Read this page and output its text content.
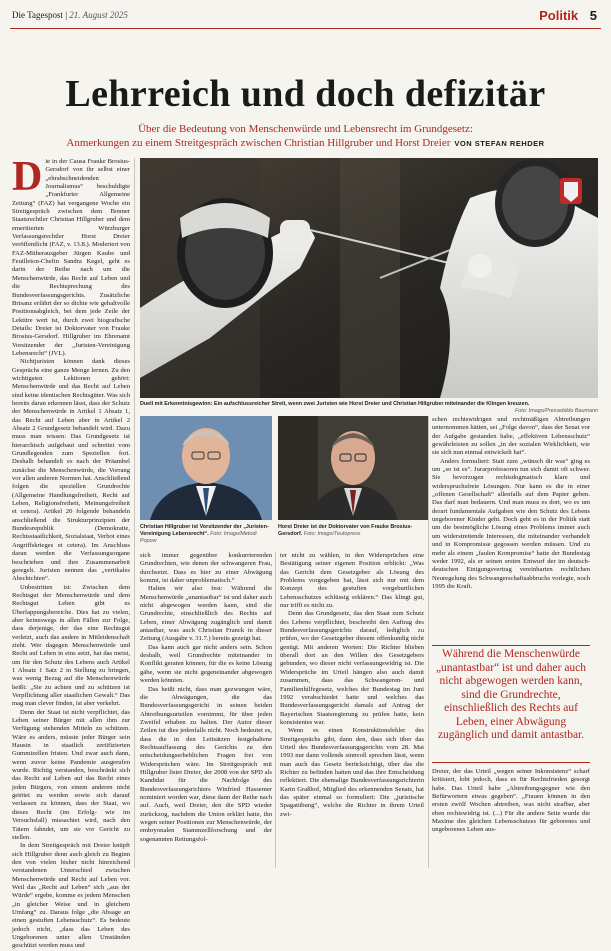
Die Tagespost | 21. August 2025	Politik 5
Lehrreich und doch defizitär
Über die Bedeutung von Menschenwürde und Lebensrecht im Grundgesetz:
Anmerkungen zu einem Streitgespräch zwischen Christian Hillgruber und Horst Dreier VON STEFAN REHDER

Die in der Causa Frauke Brosius-Gersdorf von ihr selbst einer „ehrabschneidenden Journalismus“ beschuldigte „Frankfurter Allgemeine Zeitung“ (FAZ) hat vergangene Woche ein Streitgespräch zwischen dem Bonner Staatsrechtler Christian Hillgruber und dem emeritierten Würzburger Verfassungsrechtler Horst Dreier veröffentlicht (FAZ, v. 13.8.). Moderiert von FAZ-Mitherausgeber Jürgen Kaube und Feuilleton-Chefin Sandra Kegel, geht es darin der Reihe nach um die Menschenwürde, das Recht auf Leben und die Rechtsprechung des Bundesverfassungsgerichts. Zusätzliche Brisanz erfährt der so dichte wie gehaltvolle Positionsabgleich, bei dem jede Zeile der Lektüre wert ist, durch zwei biografische Details: Dreier ist Doktorvater von Frauke Brosius-Gersdorf. Hillgruber im Ehrenamt Vorsitzender der „Juristen-Vereinigung Lebensrecht“ (JVL).

Nichtjuristen können dank dieses Gesprächs eine ganze Menge lernen. Zu den wichtigsten Lektionen gehört: Menschenwürde und das Recht auf Leben sind keine identischen Rechtsgüter. Was sich bereits daran erkennen lässt, dass der Schutz der Menschenwürde in Artikel 1 Absatz 1, das Recht auf Leben aber in Artikel 2 Absatz 2 Grundgesetz behandelt wird. Dazu muss man wissen: Das Grundgesetz ist hierarchisch aufgebaut und schreitet vom Grundlegenden zum Speziellen fort. Deshalb behandelt es nach der Präambel zunächst die Menschenwürde, die Vorrang vor allen anderen Normen hat. Anschließend folgen die speziellen Grundrechte (Allgemeine Handlungsfreiheit, Recht auf Leben, Religionsfreiheit, Meinungsfreiheit et cetera). Artikel 20 folgende behandeln anschließend die Strukturprinzipien der Bundesrepublik (Demokratie, Rechtsstaatlichkeit, Sozialstaat, Verbot eines Angriffskrieges et cetera). Im Anschluss daran werden die Verfassungsorgane beschrieben und ihre Zusammenarbeit geregelt. Juristen nennen das „vertikales Abschichten“.

Unbestritten ist: Zwischen dem Rechtsgut der Menschenwürde und dem Rechtsgut Leben gibt es Überlappungsbereiche. Dies hat zu vielen, aber keineswegs in allen Fällen zur Folge, dass derjenige, der das eine Rechtsgut verletzt, auch das andere in Mitleidenschaft zieht. Wer dagegen Menschenwürde und Recht auf Leben in eins setzt, hat das meist, um für den Schutz des Lebens auch Artikel 1 Absatz 1 Satz 2 in Stellung zu bringen, was wenig Bezug auf die Menschenwürde heißt: „Sie zu achten und zu schützen ist Verpflichtung aller staatlichen Gewalt.“ Das mag man clever finden, ist aber verkehrt.

Denn der Staat ist nicht verpflichtet, das Leben seiner Bürger mit allen ihm zur Verfügung stehenden Mitteln zu schützen. Wäre es anders, müsste jeder Bürger sein Hausin in staatlich zertifizierten Gummizellen fristen. Und zwar auch dann, wenn zuvor keine Pandemie ausgerufen wurde. Richtig verstanden, beschränkt sich das Recht auf Leben auf das Recht eines jeden Bürgers, von einem anderen nicht getötet zu werden sowie sich darauf verlassen zu können, dass der Staat, wo dieses Recht (im Erfolg- wie im Versuchsfall) missachtet wird, nach den Tätern fahndet, um sie vor Gericht zu stellen.

In dem Streitgespräch mit Dreier knüpft sich Hillgruber denn auch gleich zu Beginn den von vielen bisher nicht hinreichend verstandenen Unterschied zwischen Menschenwürde und Recht auf Leben vor. Weil das „Recht auf Leben“ sich „aus der Würde“ ergebe, komme es jedem Menschen „in gleicher Weise und in gleichem Umfang“ zu. Daraus folge „die Absage an einen gestuften Lebensschutz“. Es bedeute jedoch nicht, „dass das Leben des Ungeborenen unter allen Umständen geschützt werden muss und

Duell mit Erkenntnisgewinn: Ein aufschlussreicher Streit, wenn zwei Juristen wie Horst Dreier und Christian Hillgruber miteinander die Klingen kreuzen.
Foto: Imago/Pressebildo Baumann
Christian Hillgruber ist Vorsitzender der „Juristen-Vereinigung Lebensrecht“. Foto: Imago/Metodi Popow
Horst Dreier ist der Doktorvater von Frauke Brosius-Gersdorf. Foto: Imago/Teutopress

sich immer gegenüber konkurrierenden Grundrechten, wie denen der schwangeren Frau, durchsetzt. Dass es hier zu einer Abwägung kommt, ist daher unproblematisch.“

Halten wir also fest: Während die Menschenwürde „unantastbar“ ist und daher auch nicht abgewogen werden kann, sind die Grundrechte, einschließlich des Rechts auf Leben, einer Abwägung zugänglich und damit antastbar, was auch Christian Franck in dieser Zeitung (Ausgabe v. 31.7.) bereits gezeigt hat.

Das kann auch gar nicht anders sein. Schon deshalb, weil Grundrechte miteinander in Konflikt geraten können, für die es keine Lösung gäbe, wenn sie nicht gegeneinander abgewogen werden könnten.

Das heißt nicht, dass man gezwungen wäre, die Abwägungen, die das Bundesverfassungsgericht in seinen beiden Abtreibungsurteilen vornimmt, für über jeden Zweifel erhaben zu halten. Der Autor dieser Zeilen tut dies jedenfalls nicht. Noch bedeutet es, dass die in den Leitsätzen festgehaltene Rechtsauffassung des Gerichts zu den entscheidungserheblichen Fragen frei von Widersprüchen wäre. Im Streitgespräch mit Hillgruber listet Dreier, der 2008 von der SPD als Kandidat für die Nachfolge des Bundesverfassungsrichters Winfried Hassemer nominiert worden war, diese dann der Reihe nach auf. Auch, weil Dreier, den die SPD wieder zurückzog, nachdem die Union erklärt hatte, ihn wegen seiner Positionen zur Menschenwürde, der embryonalen Stammzellforschung und der sogenannten Rettungsfol-

ter nicht zu wählen, in den Widersprüchen eine Bestätigung seiner eigenen Position erblickt: „Was das Gericht dem Gesetzgeber als Lösung des Problems vorgegeben hat, lässt sich nur mit dem Konzept des gestuften vorgeburtlichen Lebensschutzes schlüssig erklären.“ Das klingt gut, nur trifft es nicht zu.

Denn das Grundgesetz, das den Staat zum Schutz des Lebens verpflichtet, beschreibt den Auftrag des Bundesverfassungsgerichts darauf, lediglich zu prüfen, wo der Gesetzgeber diesem offenkundig nicht genügt. Mit anderen Worten: Die Richter blieben überall dort an den Willen des Gesetzgebers gebunden, wo dieser nicht verfassungswidrig ist. Die Widersprüche im Urteil hängen also auch damit zusammen, dass das Schwangeren- und Familienhilfegesetz, welches der Bundestag im Juni 1992 verabschiedet hatte und welches das Bundesverfassungsgericht damals auf Antrag der Bayerischen Staatsregierung zu prüfen hatte, kein konsistentes war.

Wenn es einen Konstruktionsfehler des Streitgesprächs gibt, dann den, dass sich über das Urteil des Bundesverfassungsgerichts vom 28. Mai 1993 nur dann vollends sinnvoll sprechen lässt, wenn man auch das Gesetz berücksichtigt, über das die Richter zu befinden hatten und das ihre Entscheidung reflektiert. Die ehemalige Bundesverfassungsrichterin Karin Graßhof, Mitglied des erkennenden Senats, hat das später einmal so formuliert: Die „juristische Spagatübung“, welche die Richter in ihrem Urteil zwi-

schen rechtswidrigen und rechtmäßigen Abtreibungen unternommen hätten, sei „Folge davon“, dass der Senat vor der Aufgabe gestanden habe, „effektiven Lebensschutz“ gewährleisten zu sollen „in der sozialen Wirklichkeit, wie sie sich nun einmal entwickelt hat“.

Anders formuliert: Statt zum „wünsch dir was“ ging es um „so ist es“. Jurarprofessoren tun sich damit oft schwer. Sie bevorzugen rechtsdogmatisch klare und widerspruchsfreie Lösungen. Nur kann es die in einer „offenen Gesellschaft“ allenfalls auf dem Papier geben. Das darf man bedauern. Und man muss es dort, wo es um derart fundamentale Aufgaben wie den Schutz des Lebens ungeborener Kinder geht. Doch geht es in der Politik statt um die bestmögliche Lösung eines Problems immer auch um widerstreitende Interessen, die miteinander verhandelt und in Kompromisse gegossen werden müssen. Und zu mehr als einem „faulen Kompromiss“ hatte der Bundestag weder 1992, als er seinen ersten Entwurf der im deutsch-deutschen Einigungsvertrag vereinbarten rechtlichen Neuregelung des Schwangerschaftsabbruchs vorlegte, noch 1995 die Kraft.

Während die Menschenwürde „unantastbar“ ist und daher auch nicht abgewogen werden kann, sind die Grundrechte, einschließlich des Rechts auf Leben, einer Abwägung zugänglich und damit antastbar.

Dreier, der das Urteil „wegen seiner Inkonsistenz“ scharf kritisiert, lobt jedoch, dass es für Rechtsfrieden gesorgt habe. Das Urteil habe „Abtreibungsgegner wie den Befürwortern etwas gegeben“. „Frauen können in den ersten zwölf Wochen abtreiben, was nicht strafbar, aber eben rechtswidrig ist. (...) Für die andere Seite wurde die Maxime des gleichen Lebensschutzes für geborenes und ungeborenes Leben aus-
